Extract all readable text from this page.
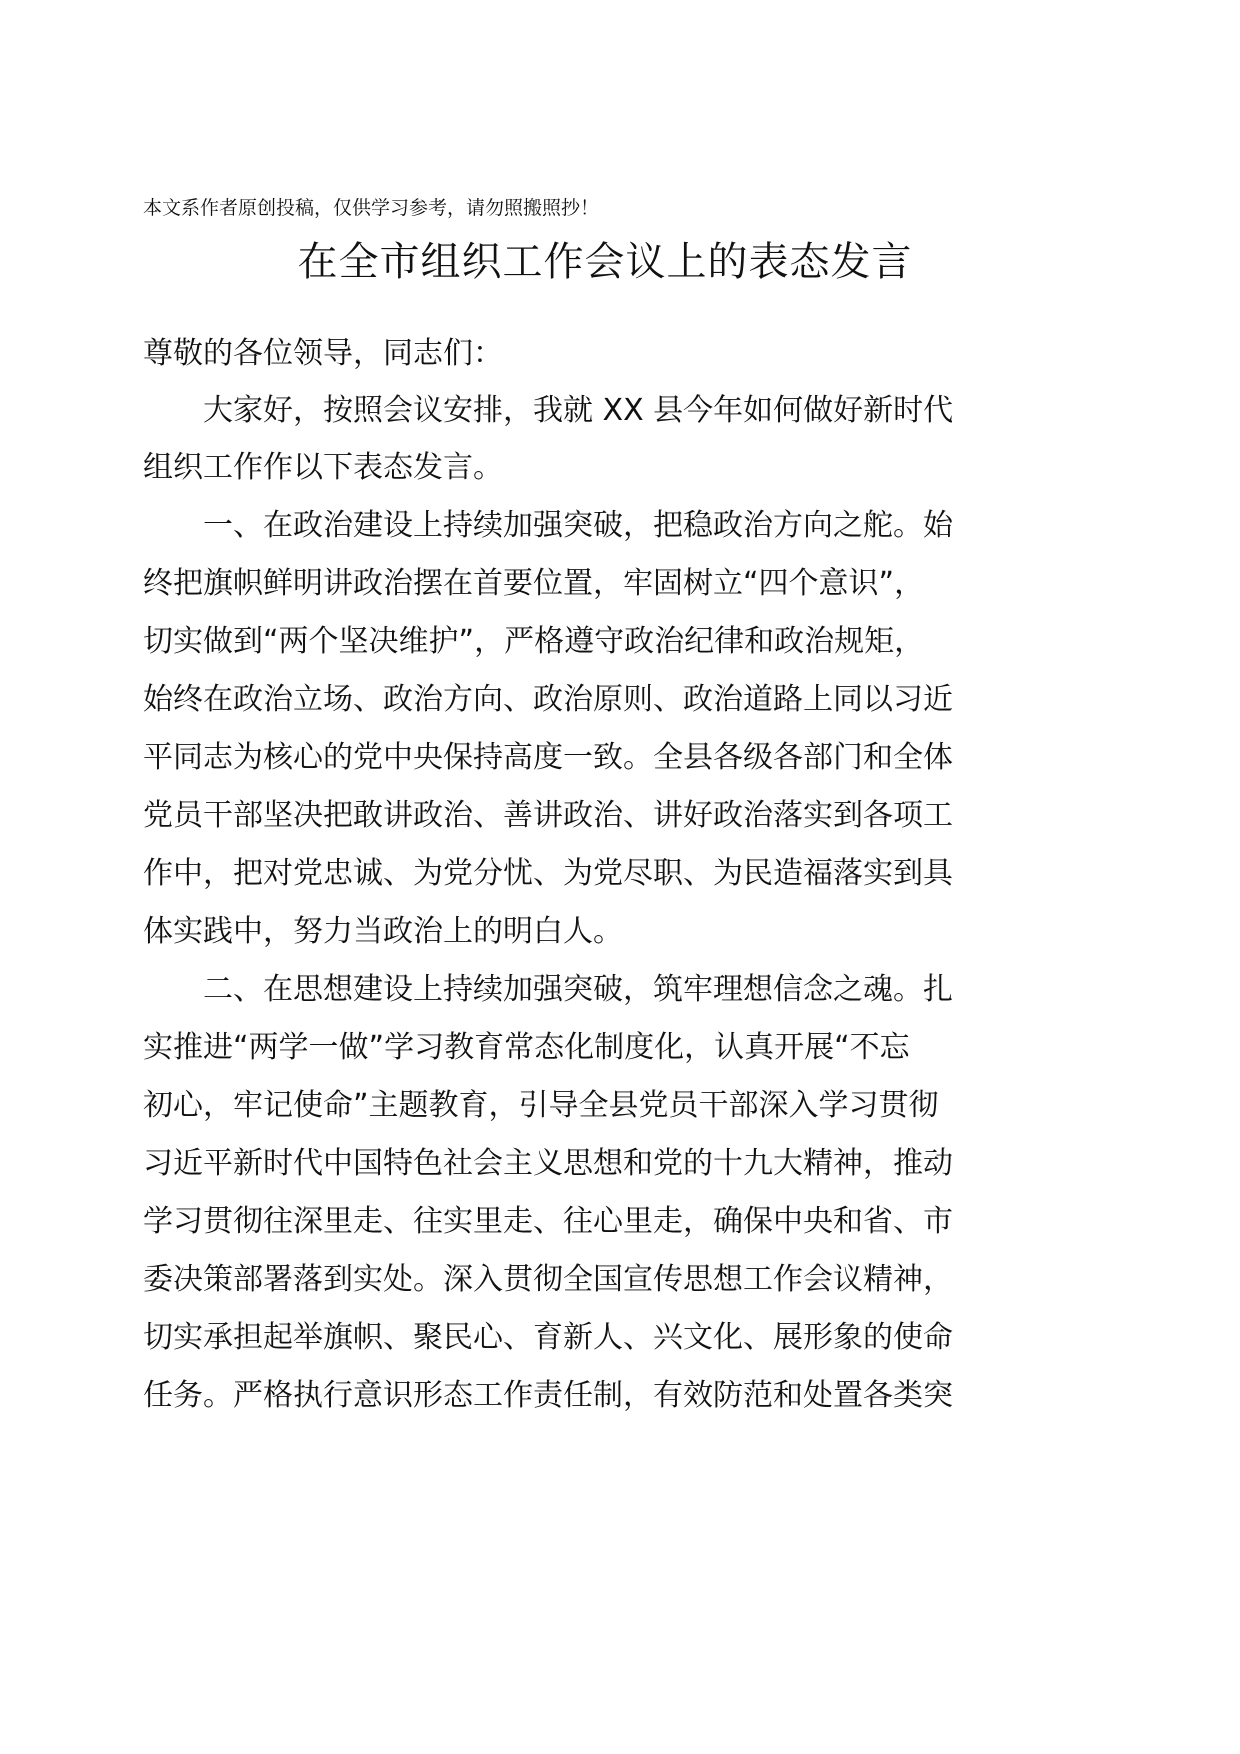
本文系作者原创投稿，仅供学习参考，请勿照搬照抄！
在全市组织工作会议上的表态发言
尊敬的各位领导，同志们：
大家好，按照会议安排，我就 XX 县今年如何做好新时代
组织工作作以下表态发言。
一、在政治建设上持续加强突破，把稳政治方向之舵。始
终把旗帜鲜明讲政治摆在首要位置，牢固树立“四个意识”，
切实做到“两个坚决维护”，严格遵守政治纪律和政治规矩，
始终在政治立场、政治方向、政治原则、政治道路上同以习近
平同志为核心的党中央保持高度一致。全县各级各部门和全体
党员干部坚决把敢讲政治、善讲政治、讲好政治落实到各项工
作中，把对党忠诚、为党分忧、为党尽职、为民造福落实到具
体实践中，努力当政治上的明白人。
二、在思想建设上持续加强突破，筑牢理想信念之魂。扎
实推进“两学一做”学习教育常态化制度化，认真开展“不忘
初心，牢记使命”主题教育，引导全县党员干部深入学习贯彻
习近平新时代中国特色社会主义思想和党的十九大精神，推动
学习贯彻往深里走、往实里走、往心里走，确保中央和省、市
委决策部署落到实处。深入贯彻全国宣传思想工作会议精神，
切实承担起举旗帜、聚民心、育新人、兴文化、展形象的使命
任务。严格执行意识形态工作责任制，有效防范和处置各类突
